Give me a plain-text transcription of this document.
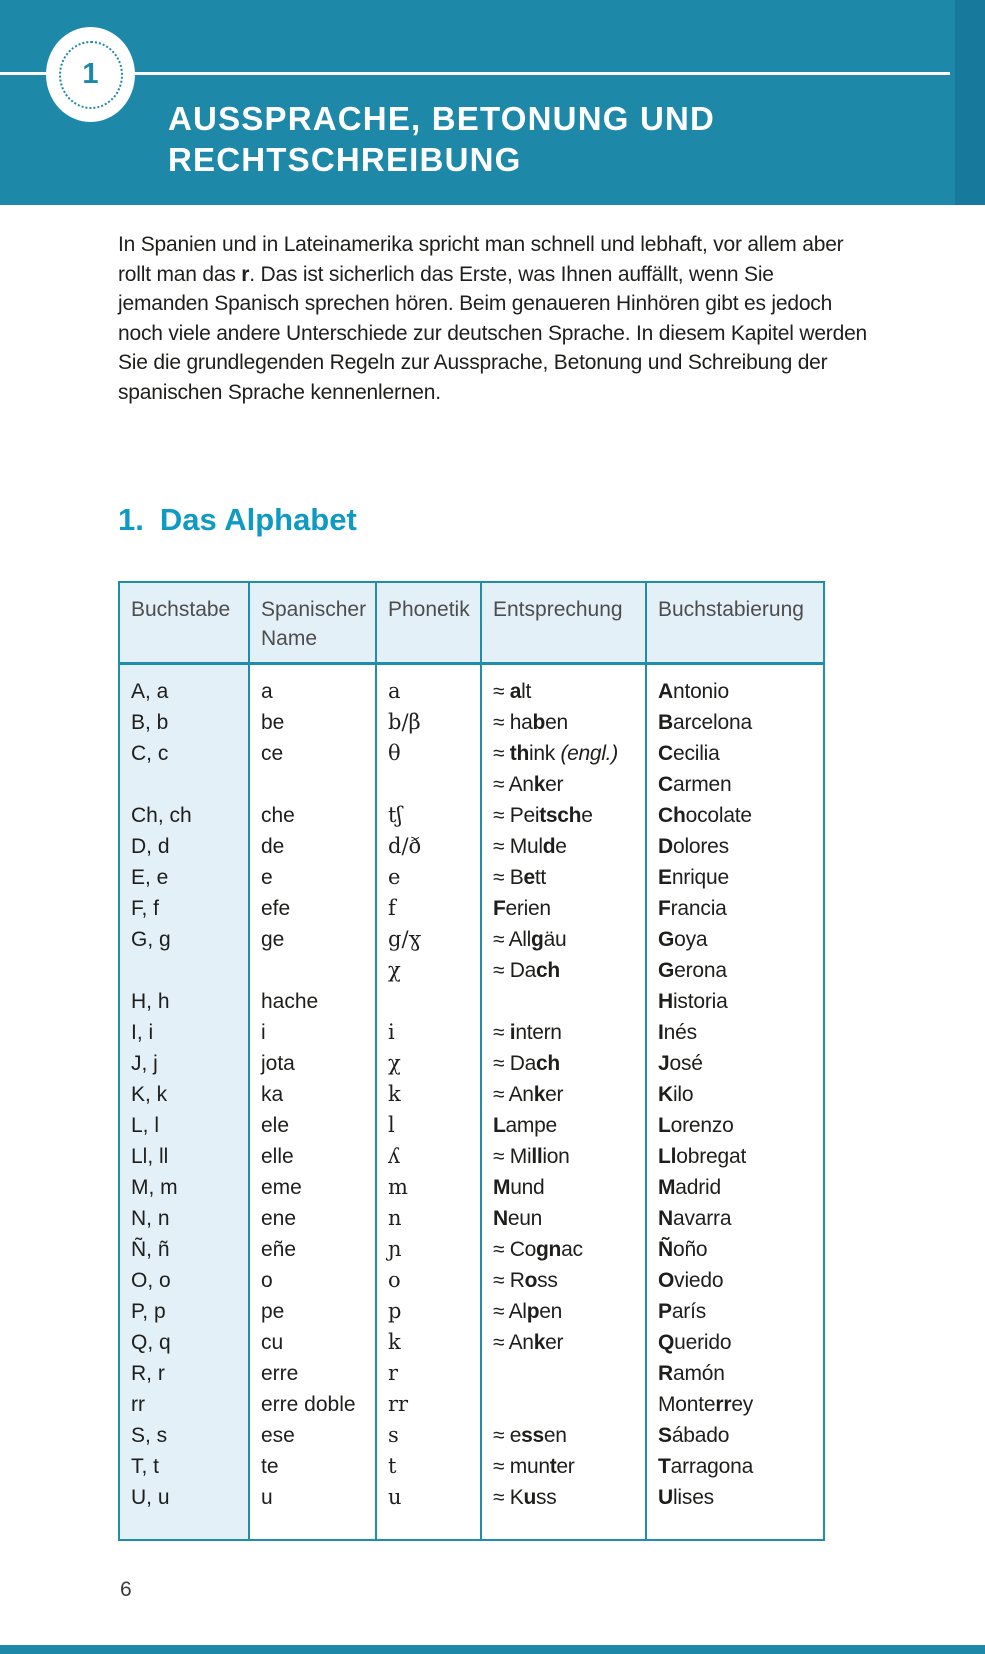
1
AUSSPRACHE, BETONUNG UND
RECHTSCHREIBUNG

In Spanien und in Lateinamerika spricht man schnell und lebhaft, vor allem aber rollt man das r. Das ist sicherlich das Erste, was Ihnen auffällt, wenn Sie jemanden Spanisch sprechen hören. Beim genaueren Hinhören gibt es jedoch noch viele andere Unterschiede zur deutschen Sprache. In diesem Kapitel werden Sie die grundlegenden Regeln zur Aussprache, Betonung und Schreibung der spanischen Sprache kennenlernen.

1. Das Alphabet
Buchstabe	Spanischer Name	Phonetik	Entsprechung	Buchstabierung
A, a	a	a	≈ alt	Antonio
B, b	be	b/β	≈ haben	Barcelona
C, c	ce	θ	≈ think (engl.)	Cecilia
			≈ Anker	Carmen
Ch, ch	che	tʃ	≈ Peitsche	Chocolate
D, d	de	d/ð	≈ Mulde	Dolores
E, e	e	e	≈ Bett	Enrique
F, f	efe	f	Ferien	Francia
G, g	ge	g/ɣ	≈ Allgäu	Goya
		χ	≈ Dach	Gerona
H, h	hache			Historia
I, i	i	i	≈ intern	Inés
J, j	jota	χ	≈ Dach	José
K, k	ka	k	≈ Anker	Kilo
L, l	ele	l	Lampe	Lorenzo
Ll, ll	elle	ʎ	≈ Million	Llobregat
M, m	eme	m	Mund	Madrid
N, n	ene	n	Neun	Navarra
Ñ, ñ	eñe	ɲ	≈ Cognac	Ñoño
O, o	o	o	≈ Ross	Oviedo
P, p	pe	p	≈ Alpen	París
Q, q	cu	k	≈ Anker	Querido
R, r	erre	r		Ramón
rr	erre doble	rr		Monterrey
S, s	ese	s	≈ essen	Sábado
T, t	te	t	≈ munter	Tarragona
U, u	u	u	≈ Kuss	Ulises
6
